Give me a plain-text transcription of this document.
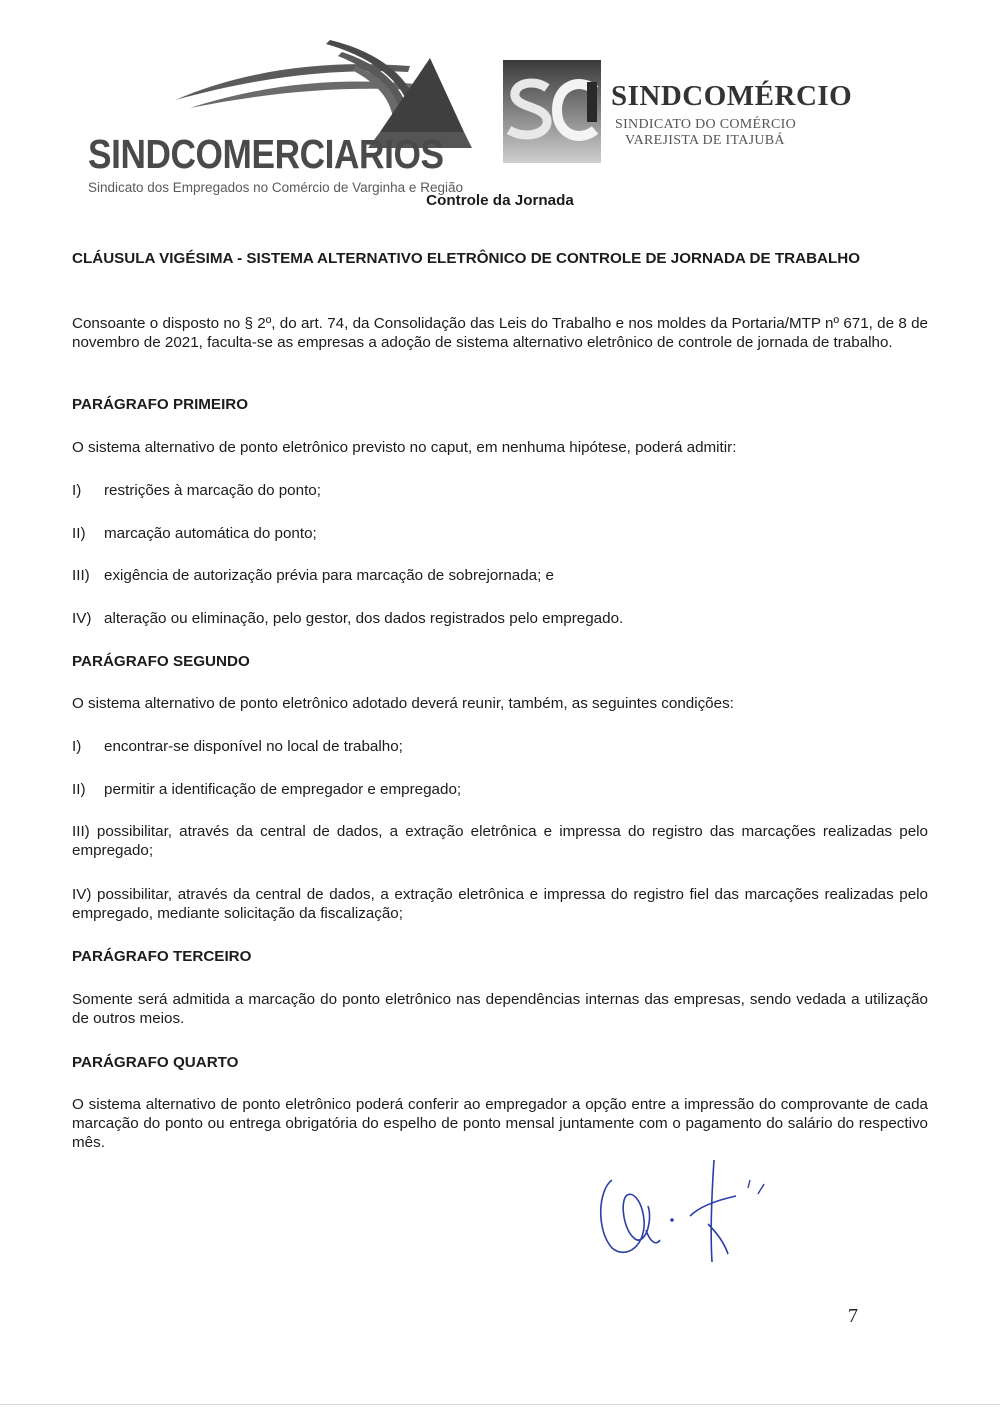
SINDCOMERCIARIOS
Sindicato dos Empregados no Comércio de Varginha e Região
SINDCOMÉRCIO
SINDICATO DO COMÉRCIO
VAREJISTA DE ITAJUBÁ
Controle da Jornada
CLÁUSULA VIGÉSIMA - SISTEMA ALTERNATIVO ELETRÔNICO DE CONTROLE DE JORNADA DE TRABALHO
Consoante o disposto no § 2º, do art. 74, da Consolidação das Leis do Trabalho e nos moldes da Portaria/MTP nº 671, de 8 de novembro de 2021, faculta-se as empresas a adoção de sistema alternativo eletrônico de controle de jornada de trabalho.
PARÁGRAFO PRIMEIRO
O sistema alternativo de ponto eletrônico previsto no caput, em nenhuma hipótese, poderá admitir:
I) restrições à marcação do ponto;
II) marcação automática do ponto;
III) exigência de autorização prévia para marcação de sobrejornada; e
IV) alteração ou eliminação, pelo gestor, dos dados registrados pelo empregado.
PARÁGRAFO SEGUNDO
O sistema alternativo de ponto eletrônico adotado deverá reunir, também, as seguintes condições:
I) encontrar-se disponível no local de trabalho;
II) permitir a identificação de empregador e empregado;
III) possibilitar, através da central de dados, a extração eletrônica e impressa do registro das marcações realizadas pelo empregado;
IV) possibilitar, através da central de dados, a extração eletrônica e impressa do registro fiel das marcações realizadas pelo empregado, mediante solicitação da fiscalização;
PARÁGRAFO TERCEIRO
Somente será admitida a marcação do ponto eletrônico nas dependências internas das empresas, sendo vedada a utilização de outros meios.
PARÁGRAFO QUARTO
O sistema alternativo de ponto eletrônico poderá conferir ao empregador a opção entre a impressão do comprovante de cada marcação do ponto ou entrega obrigatória do espelho de ponto mensal juntamente com o pagamento do salário do respectivo mês.
7
